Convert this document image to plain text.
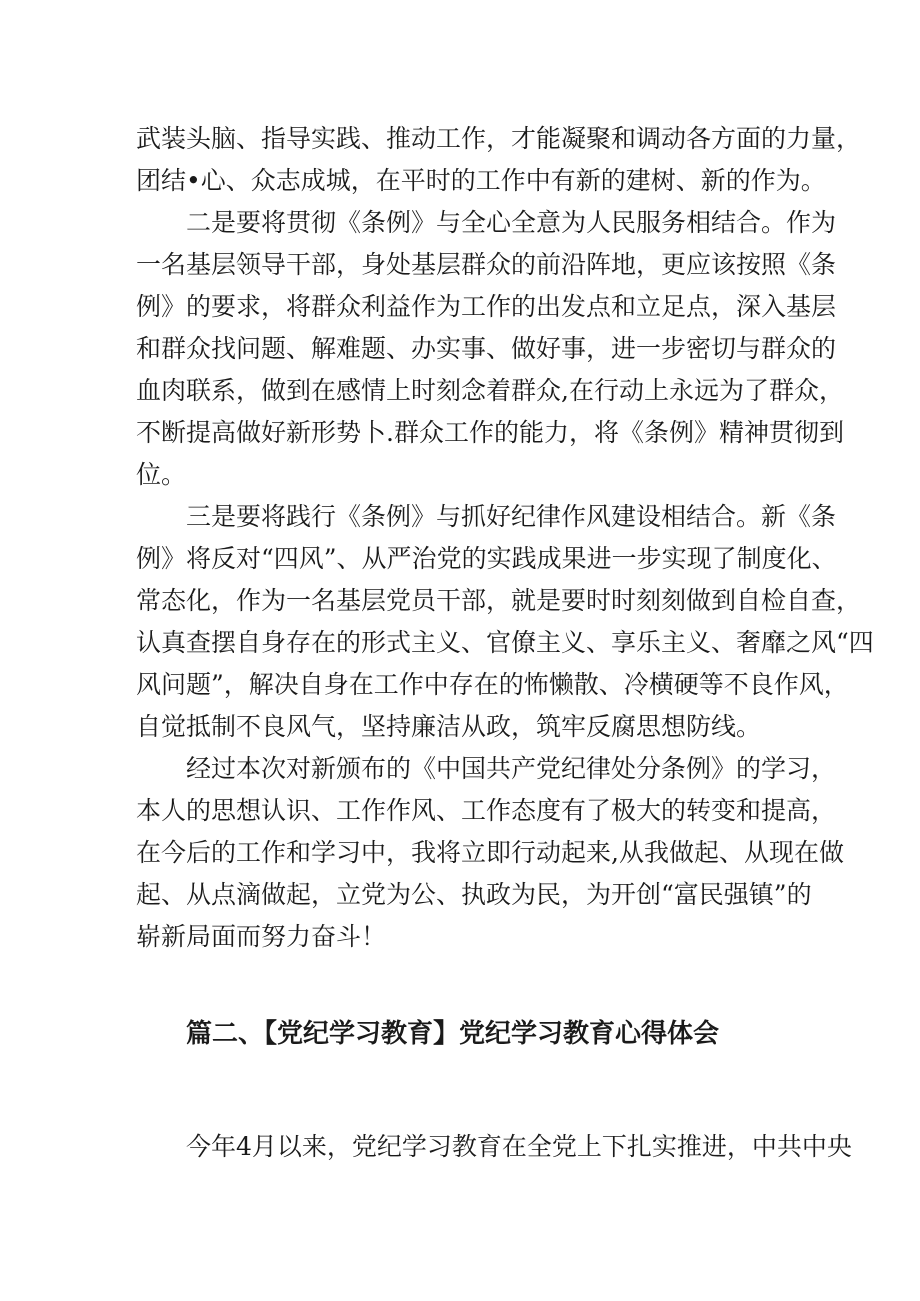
武装头脑、指导实践、推动工作，才能凝聚和调动各方面的力量，
团结•心、众志成城，在平时的工作中有新的建树、新的作为。
二是要将贯彻《条例》与全心全意为人民服务相结合。作为
一名基层领导干部，身处基层群众的前沿阵地，更应该按照《条
例》的要求，将群众利益作为工作的出发点和立足点，深入基层
和群众找问题、解难题、办实事、做好事，进一步密切与群众的
血肉联系，做到在感情上时刻念着群众,在行动上永远为了群众，
不断提高做好新形势卜.群众工作的能力，将《条例》精神贯彻到
位。
三是要将践行《条例》与抓好纪律作风建设相结合。新《条
例》将反对“四风”、从严治党的实践成果进一步实现了制度化、
常态化，作为一名基层党员干部，就是要时时刻刻做到自检自查，
认真查摆自身存在的形式主义、官僚主义、享乐主义、奢靡之风“四
风问题”，解决自身在工作中存在的怖懒散、冷横硬等不良作风，
自觉抵制不良风气，坚持廉洁从政，筑牢反腐思想防线。
经过本次对新颁布的《中国共产党纪律处分条例》的学习，
本人的思想认识、工作作风、工作态度有了极大的转变和提高，
在今后的工作和学习中，我将立即行动起来,从我做起、从现在做
起、从点滴做起，立党为公、执政为民，为开创“富民强镇”的
崭新局面而努力奋斗！
篇二、【党纪学习教育】党纪学习教育心得体会
今年4月以来，党纪学习教育在全党上下扎实推进，中共中央
